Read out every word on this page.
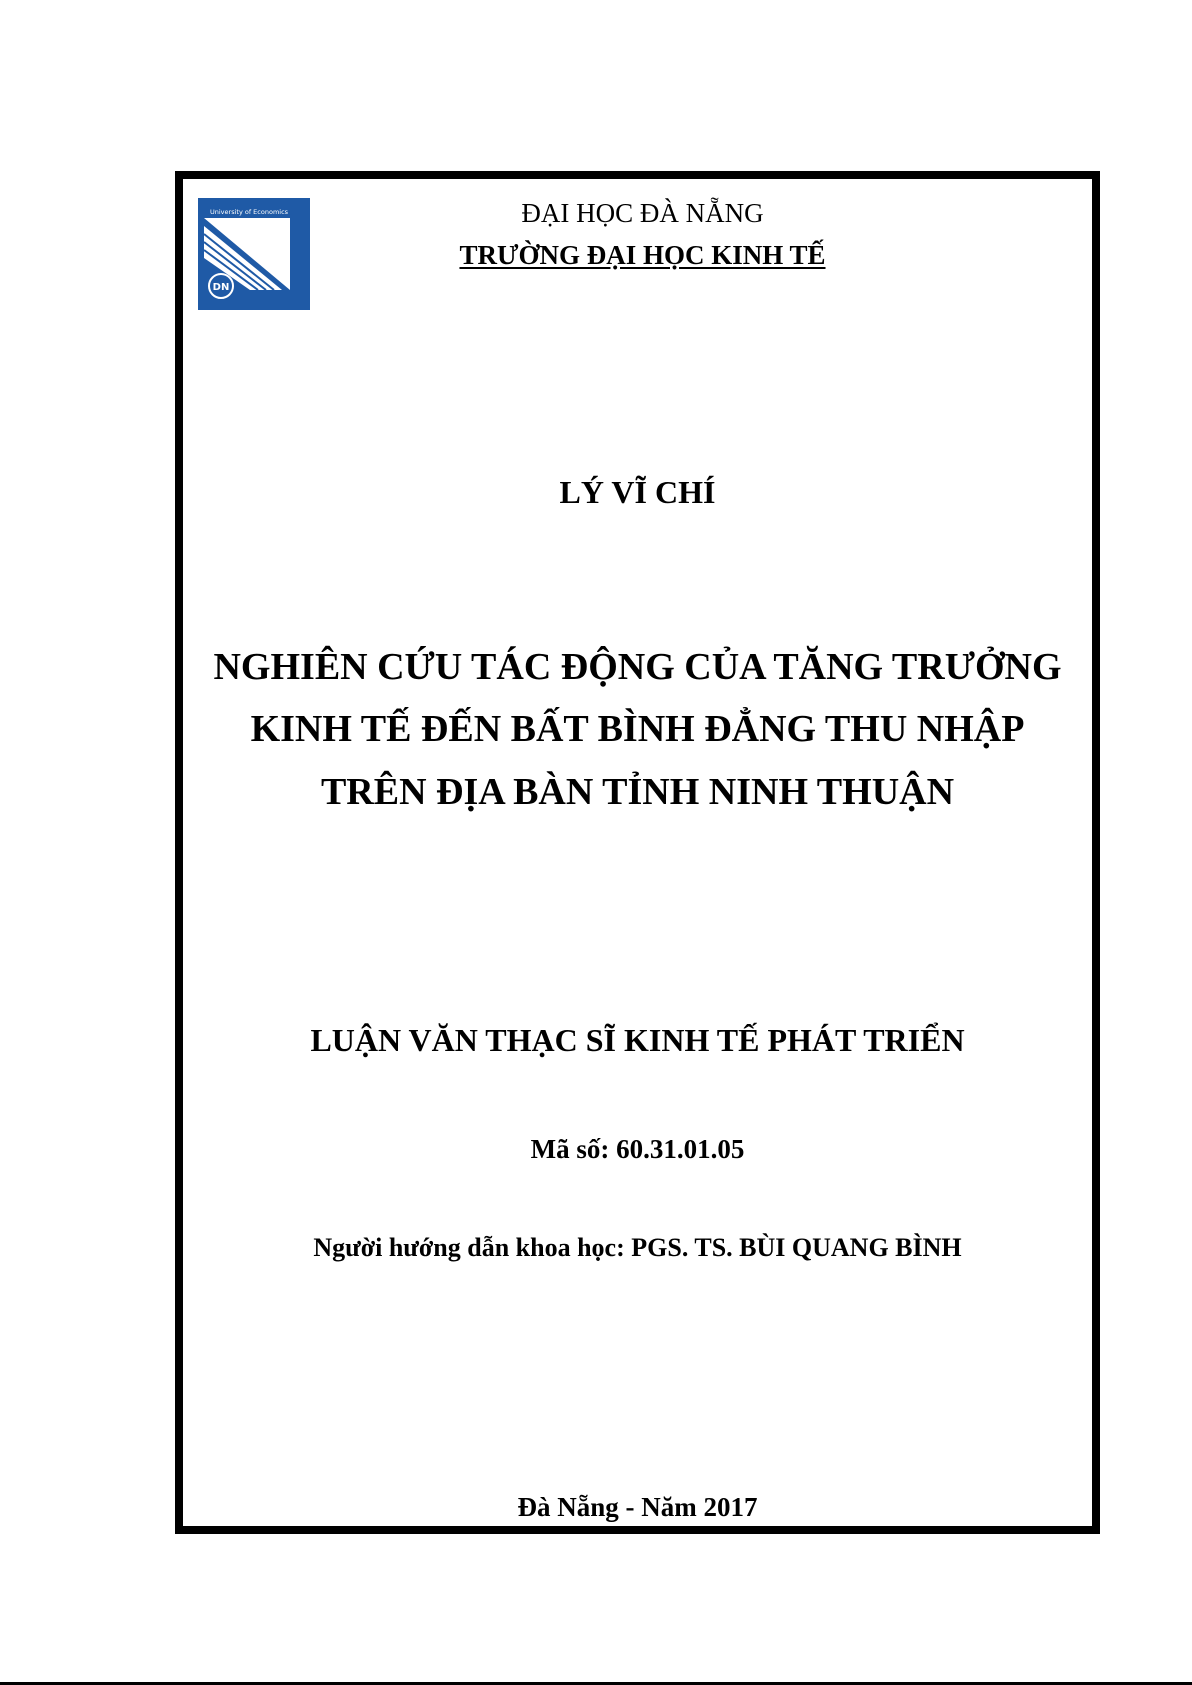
University of Economics
DN
ĐẠI HỌC ĐÀ NẴNG
TRƯỜNG ĐẠI HỌC KINH TẾ
LÝ VĨ CHÍ
NGHIÊN CỨU TÁC ĐỘNG CỦA TĂNG TRƯỞNG
KINH TẾ ĐẾN BẤT BÌNH ĐẲNG THU NHẬP
TRÊN ĐỊA BÀN TỈNH NINH THUẬN
LUẬN VĂN THẠC SĨ KINH TẾ PHÁT TRIỂN
Mã số: 60.31.01.05
Người hướng dẫn khoa học: PGS. TS. BÙI QUANG BÌNH
Đà Nẵng - Năm 2017
